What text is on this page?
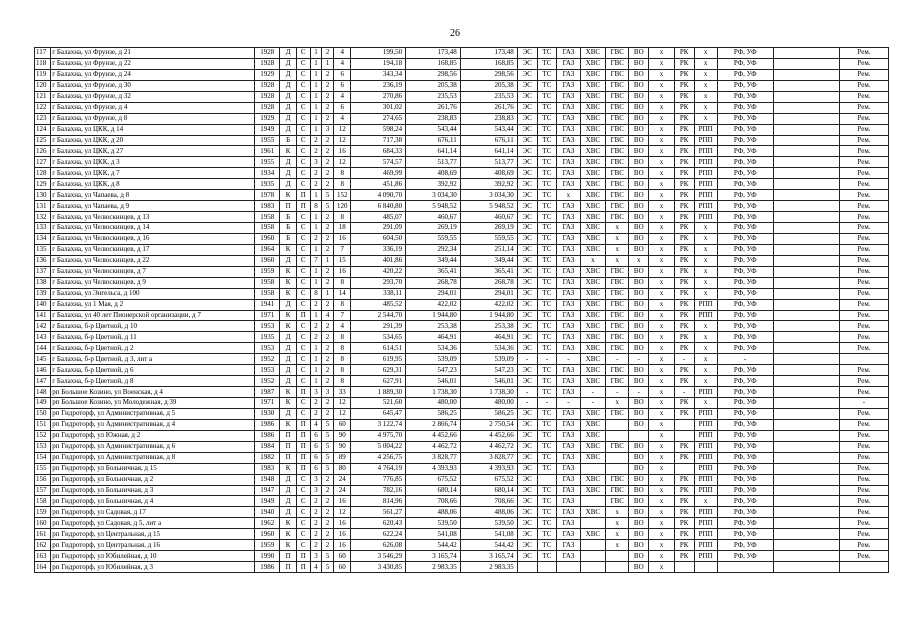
26
117	г Балахна, ул Фрунзе, д 21	1928	Д	С	1	2	4	199,50	173,48	173,48	ЭС	ТС	ГАЗ	ХВС	ГВС	ВО	х	РК	х	РФ, УФ		Рем.
118	г Балахна, ул Фрунзе, д 22	1928	Д	С	1	1	4	194,18	168,85	168,85	ЭС	ТС	ГАЗ	ХВС	ГВС	ВО	х	РК	х	РФ, УФ		Рем.
119	г Балахна, ул Фрунзе, д 24	1929	Д	С	1	2	6	343,34	298,56	298,56	ЭС	ТС	ГАЗ	ХВС	ГВС	ВО	х	РК	х	РФ, УФ		Рем.
120	г Балахна, ул Фрунзе, д 30	1928	Д	С	1	2	6	236,19	205,38	205,38	ЭС	ТС	ГАЗ	ХВС	ГВС	ВО	х	РК	х	РФ, УФ		Рем.
121	г Балахна, ул Фрунзе, д 32	1928	Д	С	1	2	4	270,86	235,53	235,53	ЭС	ТС	ГАЗ	ХВС	ГВС	ВО	х	РК	х	РФ, УФ		Рем.
122	г Балахна, ул Фрунзе, д 4	1928	Д	С	1	2	6	301,02	261,76	261,76	ЭС	ТС	ГАЗ	ХВС	ГВС	ВО	х	РК	х	РФ, УФ		Рем.
123	г Балахна, ул Фрунзе, д 8	1929	Д	С	1	2	4	274,65	238,83	238,83	ЭС	ТС	ГАЗ	ХВС	ГВС	ВО	х	РК	х	РФ, УФ		Рем.
124	г Балахна, ул ЦКК, д 14	1949	Д	С	1	3	12	598,24	543,44	543,44	ЭС	ТС	ГАЗ	ХВС	ГВС	ВО	х	РК	РПП	РФ, УФ		Рем.
125	г Балахна, ул ЦКК, д 20	1955	Б	С	2	2	12	717,38	676,11	676,11	ЭС	ТС	ГАЗ	ХВС	ГВС	ВО	х	РК	РПП	РФ, УФ		Рем.
126	г Балахна, ул ЦКК, д 27	1961	К	С	2	2	16	684,33	641,14	641,14	ЭС	ТС	ГАЗ	ХВС	ГВС	ВО	х	РК	РПП	РФ, УФ		Рем.
127	г Балахна, ул ЦКК, д 3	1955	Д	С	3	2	12	574,57	513,77	513,77	ЭС	ТС	ГАЗ	ХВС	ГВС	ВО	х	РК	РПП	РФ, УФ		Рем.
128	г Балахна, ул ЦКК, д 7	1934	Д	С	2	2	8	469,99	408,69	408,69	ЭС	ТС	ГАЗ	ХВС	ГВС	ВО	х	РК	РПП	РФ, УФ		Рем.
129	г Балахна, ул ЦКК, д 8	1935	Д	С	2	2	8	451,86	392,92	392,92	ЭС	ТС	ГАЗ	ХВС	ГВС	ВО	х	РК	РПП	РФ, УФ		Рем.
130	г Балахна, ул Чапаева, д 8	1978	К	П	1	5	152	4 090,70	3 034,30	3 034,30	ЭС	ТС	х	ХВС	ГВС	ВО	х	РК	РПП	РФ, УФ		Рем.
131	г Балахна, ул Чапаева, д 9	1983	П	П	8	5	120	6 840,80	5 948,52	5 948,52	ЭС	ТС	ГАЗ	ХВС	ГВС	ВО	х	РК	РПП	РФ, УФ		Рем.
132	г Балахна, ул Челюскинцев, д 13	1958	Б	С	1	2	8	485,07	460,67	460,67	ЭС	ТС	ГАЗ	ХВС	ГВС	ВО	х	РК	РПП	РФ, УФ		Рем.
133	г Балахна, ул Челюскинцев, д 14	1958	Б	С	1	2	18	291,09	269,19	269,19	ЭС	ТС	ГАЗ	ХВС	х	ВО	х	РК	х	РФ, УФ		Рем.
134	г Балахна, ул Челюскинцев, д 16	1960	Б	С	2	2	16	604,50	559,55	559,55	ЭС	ТС	ГАЗ	ХВС	х	ВО	х	РК	х	РФ, УФ		Рем.
135	г Балахна, ул Челюскинцев, д 17	1964	К	С	1	2	7	336,19	292,34	251,14	ЭС	ТС	ГАЗ	ХВС	х	ВО	х	РК	х	РФ, УФ		Рем.
136	г Балахна, ул Челюскинцев, д 22	1960	Д	С	7	1	15	401,86	349,44	349,44	ЭС	ТС	ГАЗ	х	х	х	х	РК	х	РФ, УФ		Рем.
137	г Балахна, ул Челюскинцев, д 7	1959	К	С	1	2	16	420,22	365,41	365,41	ЭС	ТС	ГАЗ	ХВС	ГВС	ВО	х	РК	х	РФ, УФ		Рем.
138	г Балахна, ул Челюскинцев, д 9	1958	К	С	1	2	8	293,70	268,78	268,78	ЭС	ТС	ГАЗ	ХВС	ГВС	ВО	х	РК	х	РФ, УФ		Рем.
139	г Балахна, ул Энгельса, д 100	1958	К	С	8	1	14	338,11	294,01	294,01	ЭС	ТС	ГАЗ	ХВС	ГВС	ВО	х	РК	х	РФ, УФ		Рем.
140	г Балахна, ул 1 Мая, д 2	1941	Д	С	2	2	8	485,52	422,02	422,02	ЭС	ТС	ГАЗ	ХВС	ГВС	ВО	х	РК	РПП	РФ, УФ		Рем.
141	г Балахна, ул 40 лет Пионерской организации, д 7	1971	К	П	1	4	7	2 544,70	1 944,80	1 944,80	ЭС	ТС	ГАЗ	ХВС	ГВС	ВО	х	РК	РПП	РФ, УФ		Рем.
142	г Балахна, б-р Цветной, д 10	1953	К	С	2	2	4	291,39	253,38	253,38	ЭС	ТС	ГАЗ	ХВС	ГВС	ВО	х	РК	х	РФ, УФ		Рем.
143	г Балахна, б-р Цветной, д 11	1935	Д	С	2	2	8	534,65	464,91	464,91	ЭС	ТС	ГАЗ	ХВС	ГВС	ВО	х	РК	х	РФ, УФ		Рем.
144	г Балахна, б-р Цветной, д 2	1953	Д	С	1	2	8	614,51	534,36	534,36	ЭС	ТС	ГАЗ	ХВС	ГВС	ВО	х	РК	х	РФ, УФ		Рем.
145	г Балахна, б-р Цветной, д 3, лит а	1952	Д	С	1	2	8	619,95	539,09	539,09	-	-	-	ХВС	-	-	х	-	х	-		
146	г Балахна, б-р Цветной, д 6	1953	Д	С	1	2	8	629,31	547,23	547,23	ЭС	ТС	ГАЗ	ХВС	ГВС	ВО	х	РК	х	РФ, УФ		Рем.
147	г Балахна, б-р Цветной, д 8	1952	Д	С	1	2	8	627,91	546,01	546,01	ЭС	ТС	ГАЗ	ХВС	ГВС	ВО	х	РК	х	РФ, УФ		Рем.
148	рп Большое Козино, ул Военская, д 4	1987	К	П	3	3	33	1 889,30	1 738,30	1 738,30	-	ТС	ГАЗ	-	-	-	х	-	РПП	РФ, УФ		Рем.
149	рп Большое Козино, ул Молодежная, д 39	1971	К	С	2	2	12	521,60	480,00	480,00	-	-	-	-	х	ВО	х	РК	х	РФ, УФ		-
150	рп Гидроторф, ул Административная, д 5	1930	Д	С	2	2	12	645,47	586,25	586,25	ЭС	ТС	ГАЗ	ХВС	ГВС	ВО	х	РК	РПП	РФ, УФ		Рем.
151	рп Гидроторф, ул Административная, д 4	1986	К	П	4	5	60	3 122,74	2 866,74	2 750,54	ЭС	ТС	ГАЗ	ХВС		ВО	х		РПП	РФ, УФ		Рем.
152	рп Гидроторф, ул Южная, д 2	1986	П	П	6	5	90	4 975,70	4 452,66	4 452,66	ЭС	ТС	ГАЗ	ХВС			х		РПП	РФ, УФ		Рем.
153	рп Гидроторф, ул Административная, д 6	1984	П	П	6	5	90	5 004,22	4 462,72	4 462,72	ЭС	ТС	ГАЗ	ХВС	ГВС	ВО	х	РК	РПП	РФ, УФ		Рем.
154	рп Гидроторф, ул Административная, д 8	1982	П	П	6	5	89	4 256,75	3 828,77	3 828,77	ЭС	ТС	ГАЗ	ХВС		ВО	х	РК	РПП	РФ, УФ		Рем.
155	рп Гидроторф, ул Больничная, д 15	1983	К	П	6	5	80	4 764,19	4 393,93	4 393,93	ЭС	ТС	ГАЗ			ВО	х		РПП	РФ, УФ		Рем.
156	рп Гидроторф, ул Больничная, д 2	1948	Д	С	3	2	24	776,85	675,52	675,52	ЭС		ГАЗ	ХВС	ГВС	ВО	х	РК	РПП	РФ, УФ		Рем.
157	рп Гидроторф, ул Больничная, д 3	1947	Д	С	3	2	24	782,16	680,14	680,14	ЭС	ТС	ГАЗ	ХВС	ГВС	ВО	х	РК	РПП	РФ, УФ		Рем.
158	рп Гидроторф, ул Больничная, д 4	1949	Д	С	2	2	16	814,96	708,66	708,66	ЭС	ТС	ГАЗ		ГВС	ВО	х	РК	х	РФ, УФ		Рем.
159	рп Гидроторф, ул Садовая, д 17	1940	Д	С	2	2	12	561,27	488,06	488,06	ЭС	ТС	ГАЗ	ХВС	х	ВО	х	РК	РПП	РФ, УФ		Рем.
160	рп Гидроторф, ул Садовая, д 5, лит а	1962	К	С	2	2	16	620,43	539,50	539,50	ЭС	ТС	ГАЗ		х	ВО	х	РК	РПП	РФ, УФ		Рем.
161	рп Гидроторф, ул Центральная, д 15	1960	К	С	2	2	16	622,24	541,08	541,08	ЭС	ТС	ГАЗ	ХВС	х	ВО	х	РК	РПП	РФ, УФ		Рем.
162	рп Гидроторф, ул Центральная, д 16	1959	К	С	2	2	16	626,08	544,42	544,42	ЭС	ТС	ГАЗ		х	ВО	х	РК	РПП	РФ, УФ		Рем.
163	рп Гидроторф, ул Юбилейная, д 10	1990	П	П	3	5	60	3 546,29	3 165,74	3 165,74	ЭС	ТС	ГАЗ			ВО	х	РК	РПП	РФ, УФ		Рем.
164	рп Гидроторф, ул Юбилейная, д 3	1986	П	П	4	5	60	3 430,85	2 983,35	2 983,35						ВО	х					
